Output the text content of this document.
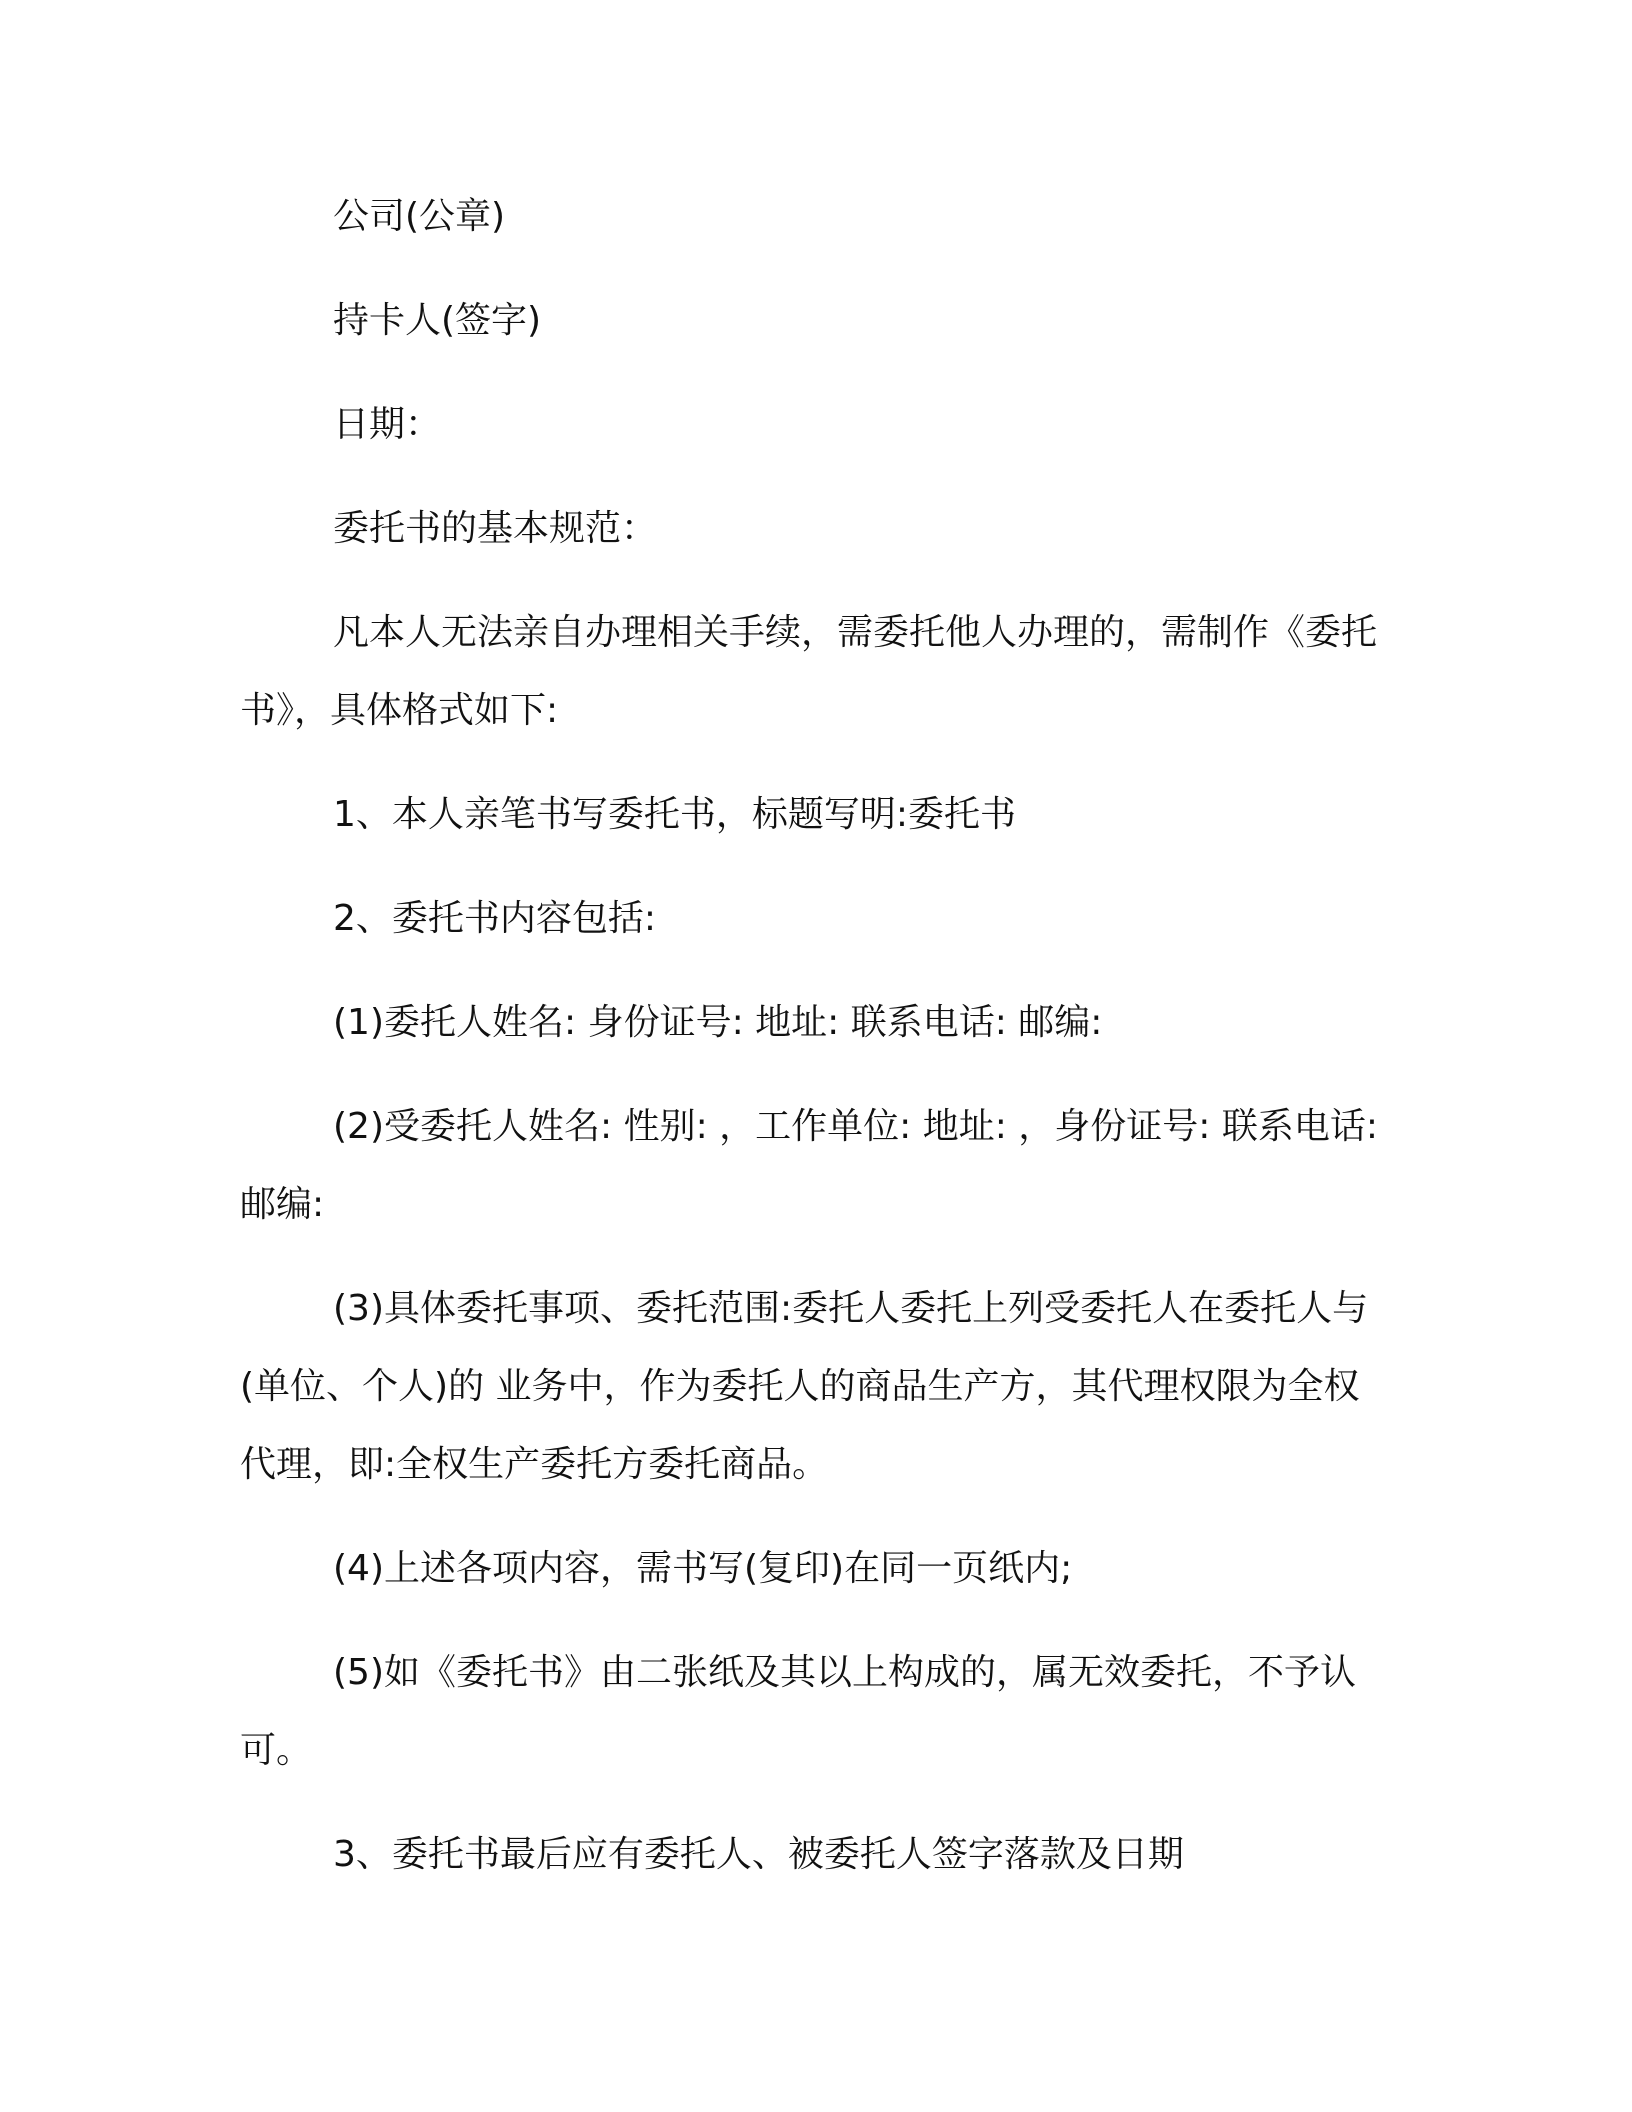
公司(公章)

持卡人(签字)

日期：

委托书的基本规范：

凡本人无法亲自办理相关手续，需委托他人办理的，需制作《委托书》，具体格式如下:

1、本人亲笔书写委托书，标题写明:委托书

2、委托书内容包括:

(1)委托人姓名: 身份证号: 地址: 联系电话: 邮编:

(2)受委托人姓名: 性别: ，工作单位: 地址: ，身份证号: 联系电话: 邮编:

(3)具体委托事项、委托范围:委托人委托上列受委托人在委托人与 (单位、个人)的 业务中，作为委托人的商品生产方，其代理权限为全权代理，即:全权生产委托方委托商品。

(4)上述各项内容，需书写(复印)在同一页纸内;

(5)如《委托书》由二张纸及其以上构成的，属无效委托，不予认可。

3、委托书最后应有委托人、被委托人签字落款及日期
